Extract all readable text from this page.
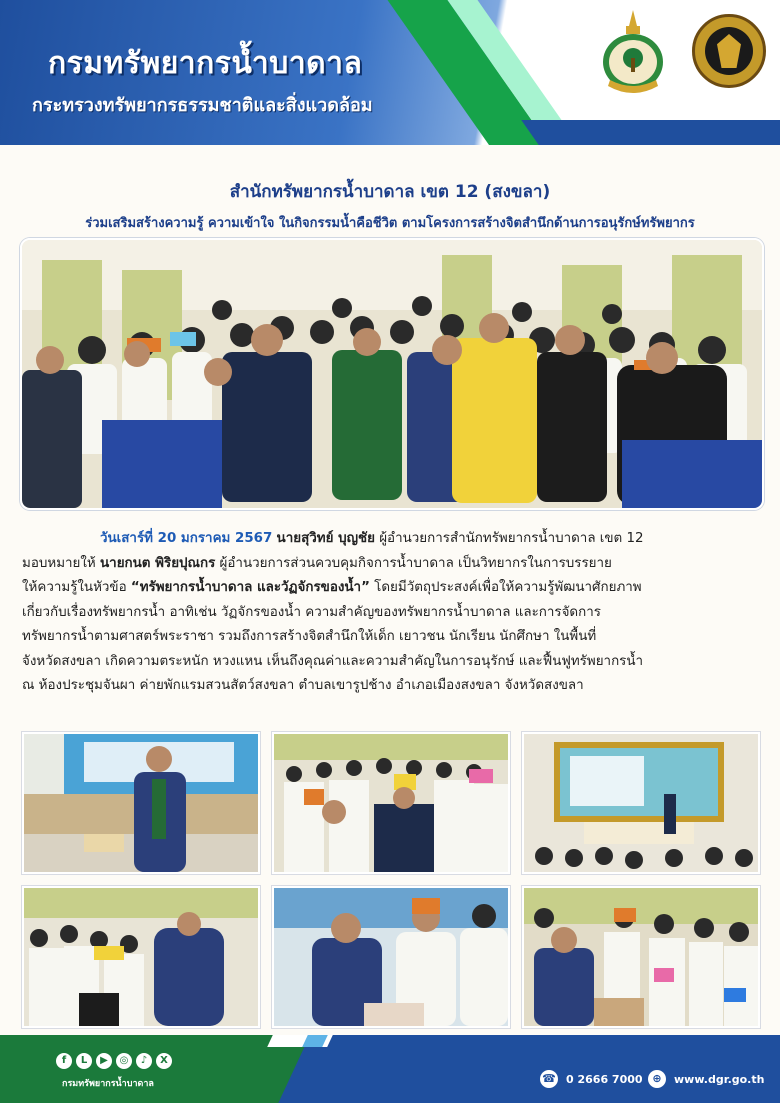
กรมทรัพยากรน้ำบาดาล
กระทรวงทรัพยากรธรรมชาติและสิ่งแวดล้อม
สำนักทรัพยากรน้ำบาดาล เขต 12 (สงขลา)
ร่วมเสริมสร้างความรู้ ความเข้าใจ ในกิจกรรมน้ำคือชีวิต ตามโครงการสร้างจิตสำนึกด้านการอนุรักษ์ทรัพยากร

วันเสาร์ที่ 20 มกราคม 2567 นายสุวิทย์ บุญชัย ผู้อำนวยการสำนักทรัพยากรน้ำบาดาล เขต 12

มอบหมายให้ นายกนต พิริยปุณกร ผู้อำนวยการส่วนควบคุมกิจการน้ำบาดาล เป็นวิทยากรในการบรรยาย

ให้ความรู้ในหัวข้อ “ทรัพยากรน้ำบาดาล และวัฏจักรของน้ำ” โดยมีวัตถุประสงค์เพื่อให้ความรู้พัฒนาศักยภาพ

เกี่ยวกับเรื่องทรัพยากรน้ำ อาทิเช่น วัฏจักรของน้ำ ความสำคัญของทรัพยากรน้ำบาดาล และการจัดการ

ทรัพยากรน้ำตามศาสตร์พระราชา รวมถึงการสร้างจิตสำนึกให้เด็ก เยาวชน นักเรียน นักศึกษา ในพื้นที่

จังหวัดสงขลา เกิดความตระหนัก หวงแหน เห็นถึงคุณค่าและความสำคัญในการอนุรักษ์ และฟื้นฟูทรัพยากรน้ำ

ณ ห้องประชุมจันผา ค่ายพักแรมสวนสัตว์สงขลา ตำบลเขารูปช้าง อำเภอเมืองสงขลา จังหวัดสงขลา

f	L	▶	◎	♪	X
กรมทรัพยากรน้ำบาดาล	☎ 0 2666 7000 ⊕	www.dgr.go.th
